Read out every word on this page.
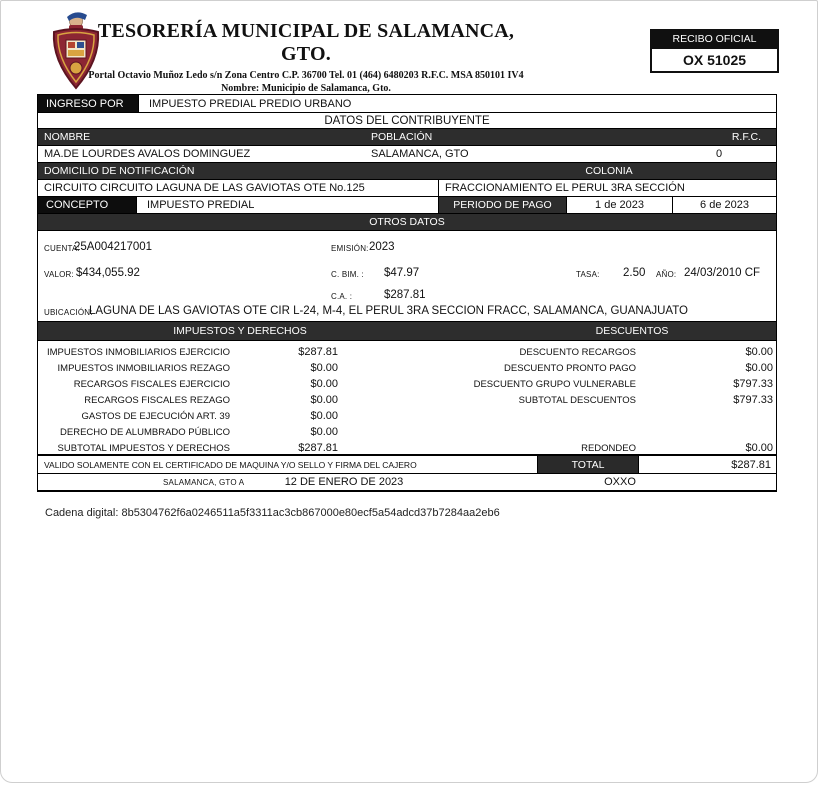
TESORERÍA MUNICIPAL DE SALAMANCA, GTO.
Portal Octavio Muñoz Ledo s/n Zona Centro C.P. 36700 Tel. 01 (464) 6480203 R.F.C. MSA 850101 IV4
Nombre: Municipio de Salamanca, Gto.
RECIBO OFICIAL
OX 51025
INGRESO POR	IMPUESTO PREDIAL PREDIO URBANO
DATOS DEL CONTRIBUYENTE
NOMBRE	POBLACIÓN	R.F.C.
MA.DE LOURDES AVALOS DOMINGUEZ	SALAMANCA, GTO	0
DOMICILIO DE NOTIFICACIÓN	COLONIA
CIRCUITO CIRCUITO LAGUNA DE LAS GAVIOTAS OTE No.125	FRACCIONAMIENTO EL PERUL 3RA SECCIÓN
CONCEPTO	IMPUESTO PREDIAL	PERIODO DE PAGO	1 de 2023	6 de 2023
OTROS DATOS
CUENTA:
25A004217001	EMISIÓN: 2023
VALOR: $434,055.92	C. BIM. : $47.97	TASA: 2.50 AÑO: 24/03/2010 CF
C.A. :	$287.81
UBICACIÓN:
LAGUNA DE LAS GAVIOTAS OTE CIR L-24, M-4, EL PERUL 3RA SECCION FRACC, SALAMANCA, GUANAJUATO
IMPUESTOS Y DERECHOS	DESCUENTOS
IMPUESTOS INMOBILIARIOS EJERCICIO	$287.81
IMPUESTOS INMOBILIARIOS REZAGO	$0.00
RECARGOS FISCALES EJERCICIO	$0.00
RECARGOS FISCALES REZAGO	$0.00
GASTOS DE EJECUCIÓN ART. 39	$0.00
DERECHO DE ALUMBRADO PÚBLICO	$0.00
SUBTOTAL IMPUESTOS Y DERECHOS	$287.81
DESCUENTO RECARGOS	$0.00
DESCUENTO PRONTO PAGO	$0.00
DESCUENTO GRUPO VULNERABLE	$797.33
SUBTOTAL DESCUENTOS	$797.33
REDONDEO	$0.00
VALIDO SOLAMENTE CON EL CERTIFICADO DE MAQUINA Y/O SELLO Y FIRMA DEL CAJERO	TOTAL	$287.81
SALAMANCA, GTO A	12 DE ENERO DE 2023	OXXO
Cadena digital: 8b5304762f6a0246511a5f3311ac3cb867000e80ecf5a54adcd37b7284aa2eb6
